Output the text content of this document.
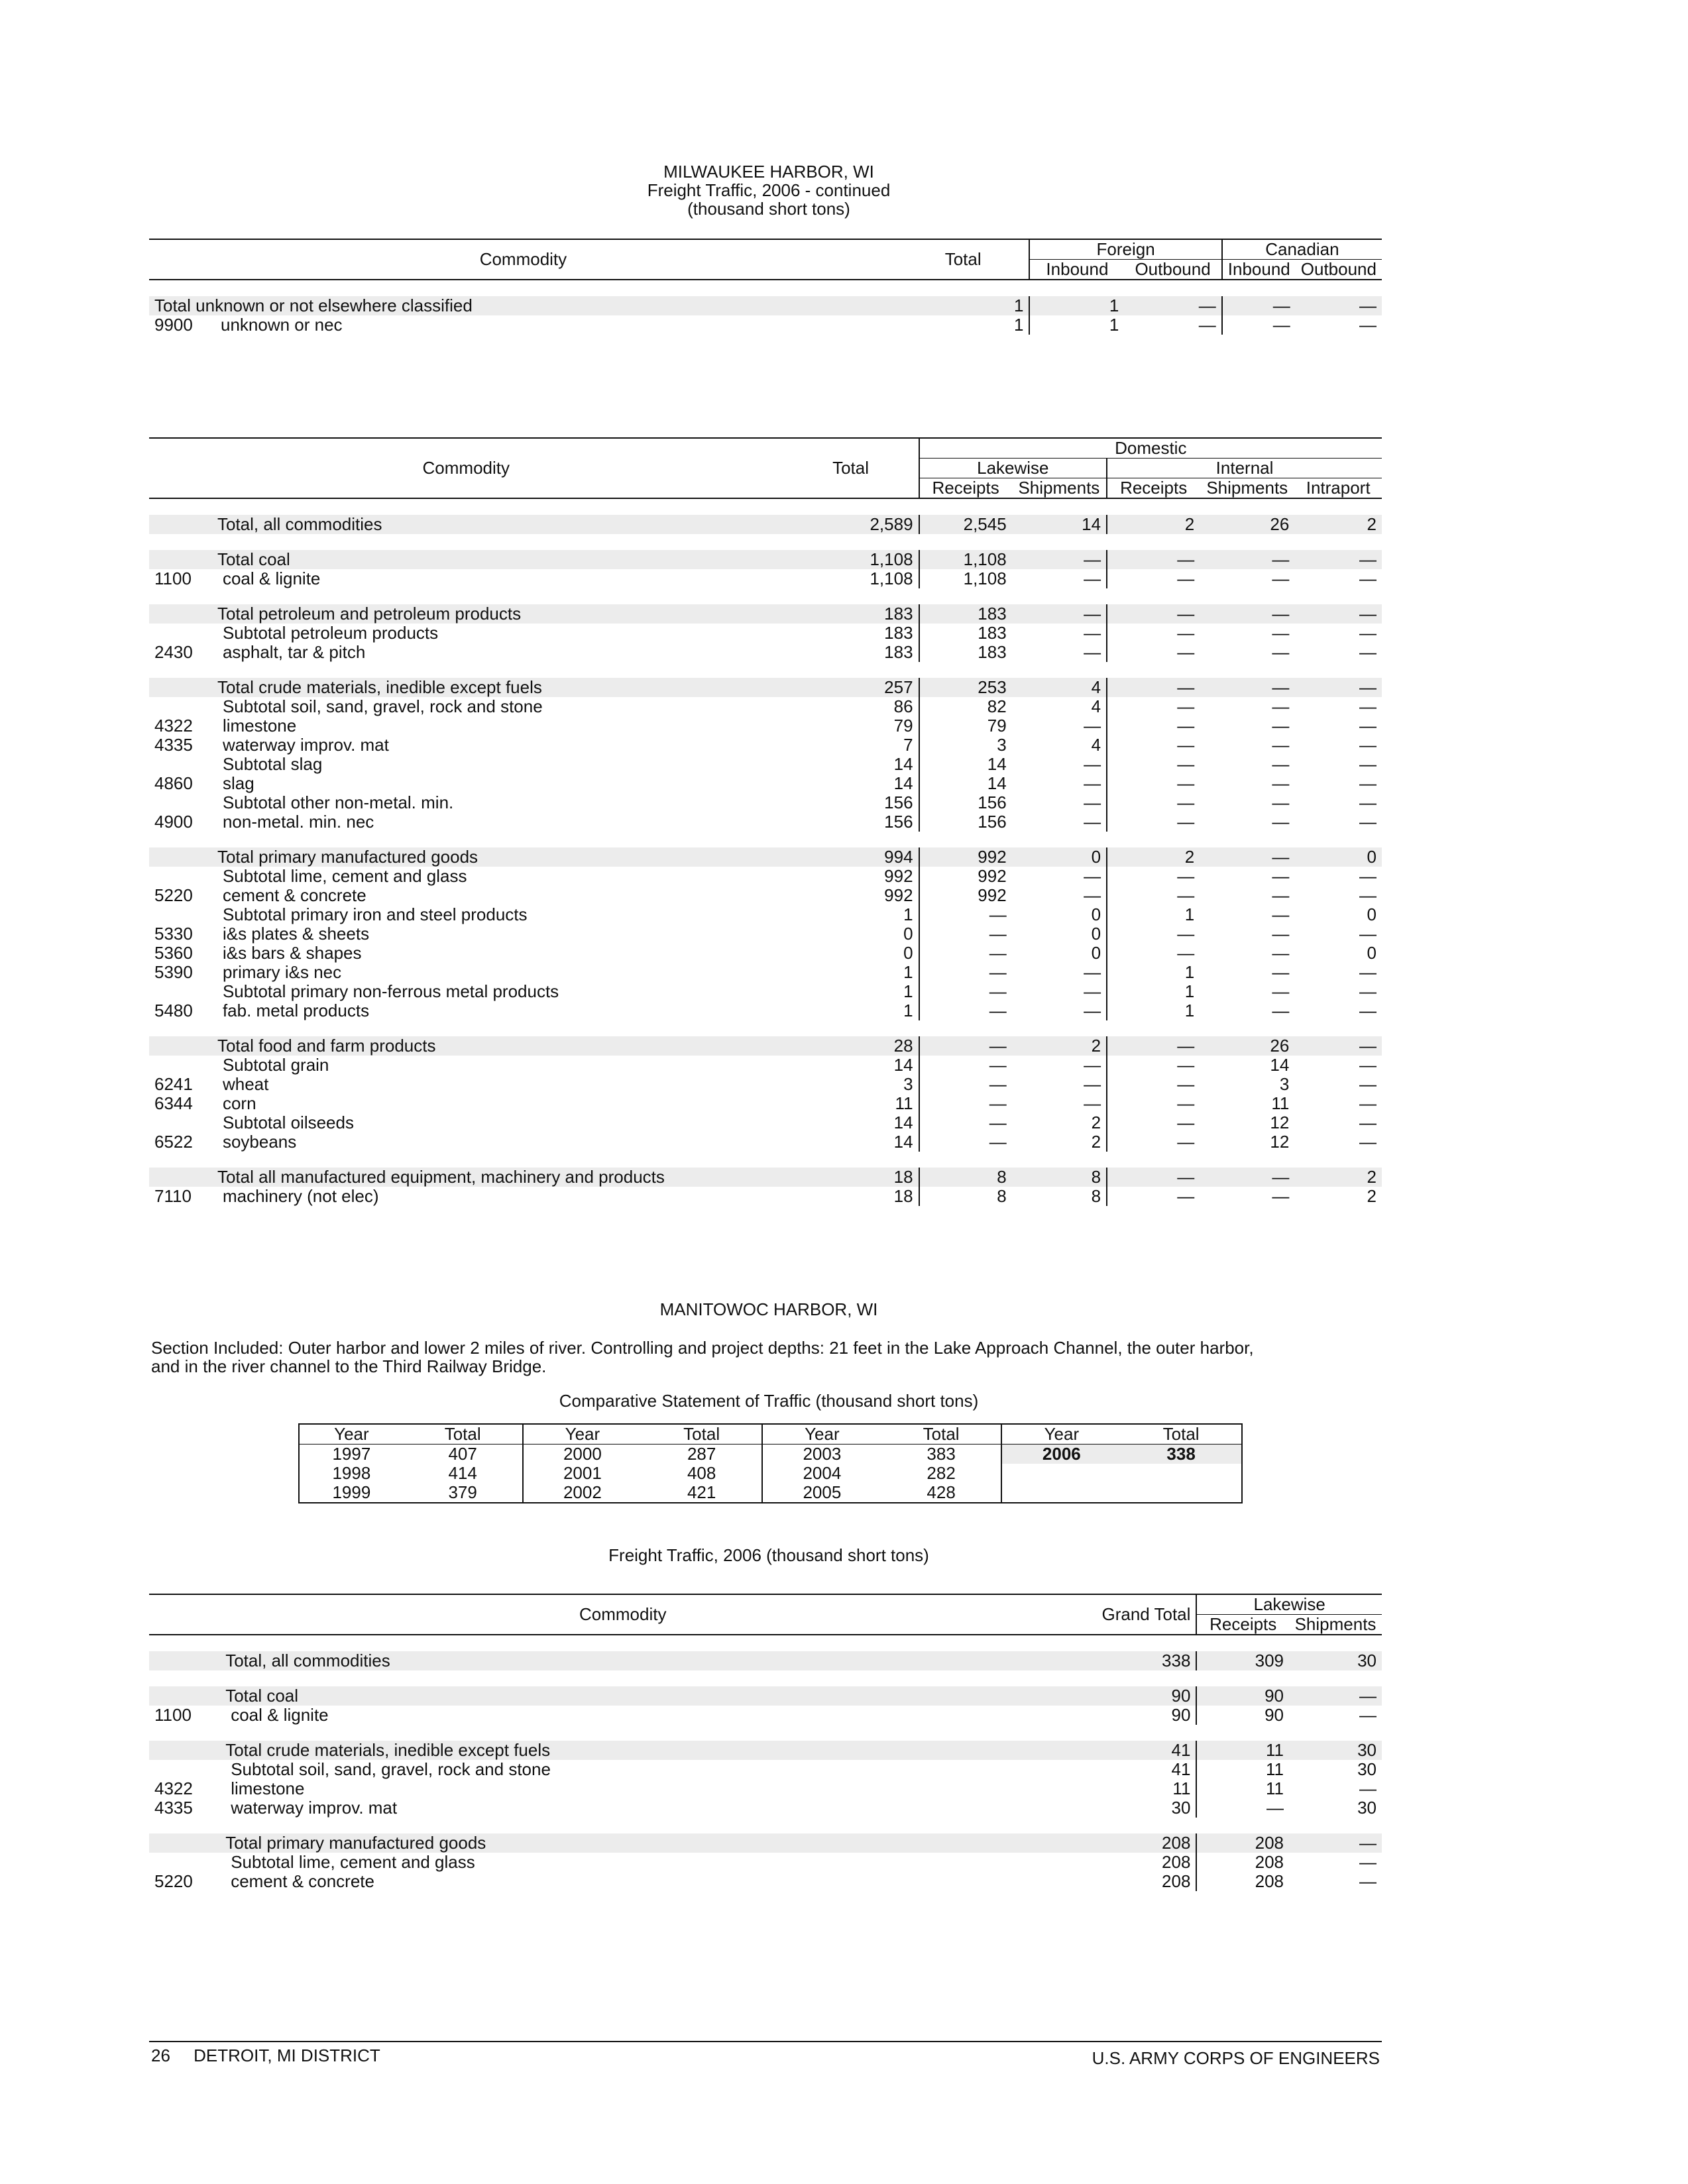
MILWAUKEE HARBOR, WI
Freight Traffic, 2006 - continued
(thousand short tons)
Commodity	Total	Foreign		Canadian	
		Inbound	Outbound	Inbound	Outbound

Total unknown or not elsewhere classified	1	1	—	—	—
9900 unknown or nec	1	1	—	—	—
Commodity		Total	Domestic				
			Lakewise		Internal		
			Receipts	Shipments	Receipts	Shipments	Intraport

	Total, all commodities	2,589	2,545	14	2	26	2

	Total coal	1,108	1,108	—	—	—	—
1100	coal & lignite	1,108	1,108	—	—	—	—

	Total petroleum and petroleum products	183	183	—	—	—	—
	Subtotal petroleum products	183	183	—	—	—	—
2430	asphalt, tar & pitch	183	183	—	—	—	—

	Total crude materials, inedible except fuels	257	253	4	—	—	—
	Subtotal soil, sand, gravel, rock and stone	86	82	4	—	—	—
4322	limestone	79	79	—	—	—	—
4335	waterway improv. mat	7	3	4	—	—	—
	Subtotal slag	14	14	—	—	—	—
4860	slag	14	14	—	—	—	—
	Subtotal other non-metal. min.	156	156	—	—	—	—
4900	non-metal. min. nec	156	156	—	—	—	—

	Total primary manufactured goods	994	992	0	2	—	0
	Subtotal lime, cement and glass	992	992	—	—	—	—
5220	cement & concrete	992	992	—	—	—	—
	Subtotal primary iron and steel products	1	—	0	1	—	0
5330	i&s plates & sheets	0	—	0	—	—	—
5360	i&s bars & shapes	0	—	0	—	—	0
5390	primary i&s nec	1	—	—	1	—	—
	Subtotal primary non-ferrous metal products	1	—	—	1	—	—
5480	fab. metal products	1	—	—	1	—	—

	Total food and farm products	28	—	2	—	26	—
	Subtotal grain	14	—	—	—	14	—
6241	wheat	3	—	—	—	3	—
6344	corn	11	—	—	—	11	—
	Subtotal oilseeds	14	—	2	—	12	—
6522	soybeans	14	—	2	—	12	—

	Total all manufactured equipment, machinery and products	18	8	8	—	—	2
7110	machinery (not elec)	18	8	8	—	—	2
MANITOWOC HARBOR, WI
Section Included: Outer harbor and lower 2 miles of river. Controlling and project depths: 21 feet in the Lake Approach Channel, the outer harbor,
and in the river channel to the Third Railway Bridge.
Comparative Statement of Traffic (thousand short tons)
Year	Total	Year	Total	Year	Total	Year	Total
1997	407	2000	287	2003	383	2006	338
1998	414	2001	408	2004	282		
1999	379	2002	421	2005	428		
Freight Traffic, 2006 (thousand short tons)
Commodity		Grand Total	Lakewise	
			Receipts	Shipments

	Total, all commodities	338	309	30

	Total coal	90	90	—
1100	coal & lignite	90	90	—

	Total crude materials, inedible except fuels	41	11	30
	Subtotal soil, sand, gravel, rock and stone	41	11	30
4322	limestone	11	11	—
4335	waterway improv. mat	30	—	30

	Total primary manufactured goods	208	208	—
	Subtotal lime, cement and glass	208	208	—
5220	cement & concrete	208	208	—
26 DETROIT, MI DISTRICT	U.S. ARMY CORPS OF ENGINEERS
